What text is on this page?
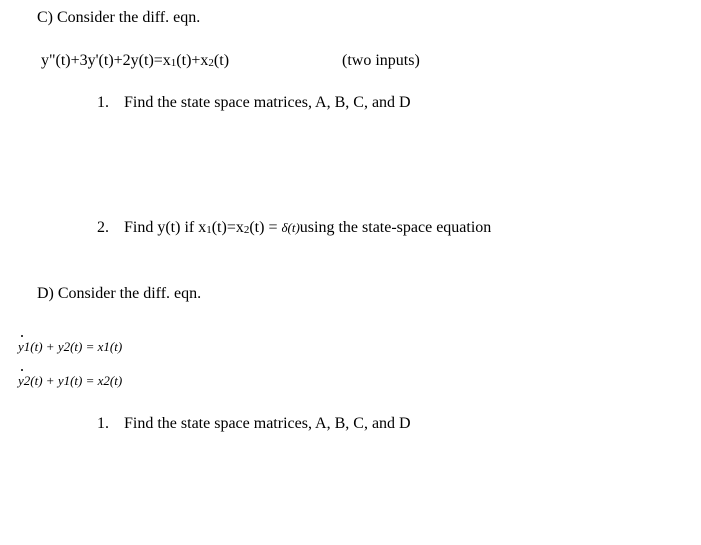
C) Consider the diff. eqn.
y"(t)+3y'(t)+2y(t)=x1(t)+x2(t)	(two inputs)
1. Find the state space matrices, A, B, C, and D
2. Find y(t) if x1(t)=x2(t) = δ(t)using the state-space equation
D) Consider the diff. eqn.
y1(t) + y2(t) = x1(t)
y2(t) + y1(t) = x2(t)
1. Find the state space matrices, A, B, C, and D
